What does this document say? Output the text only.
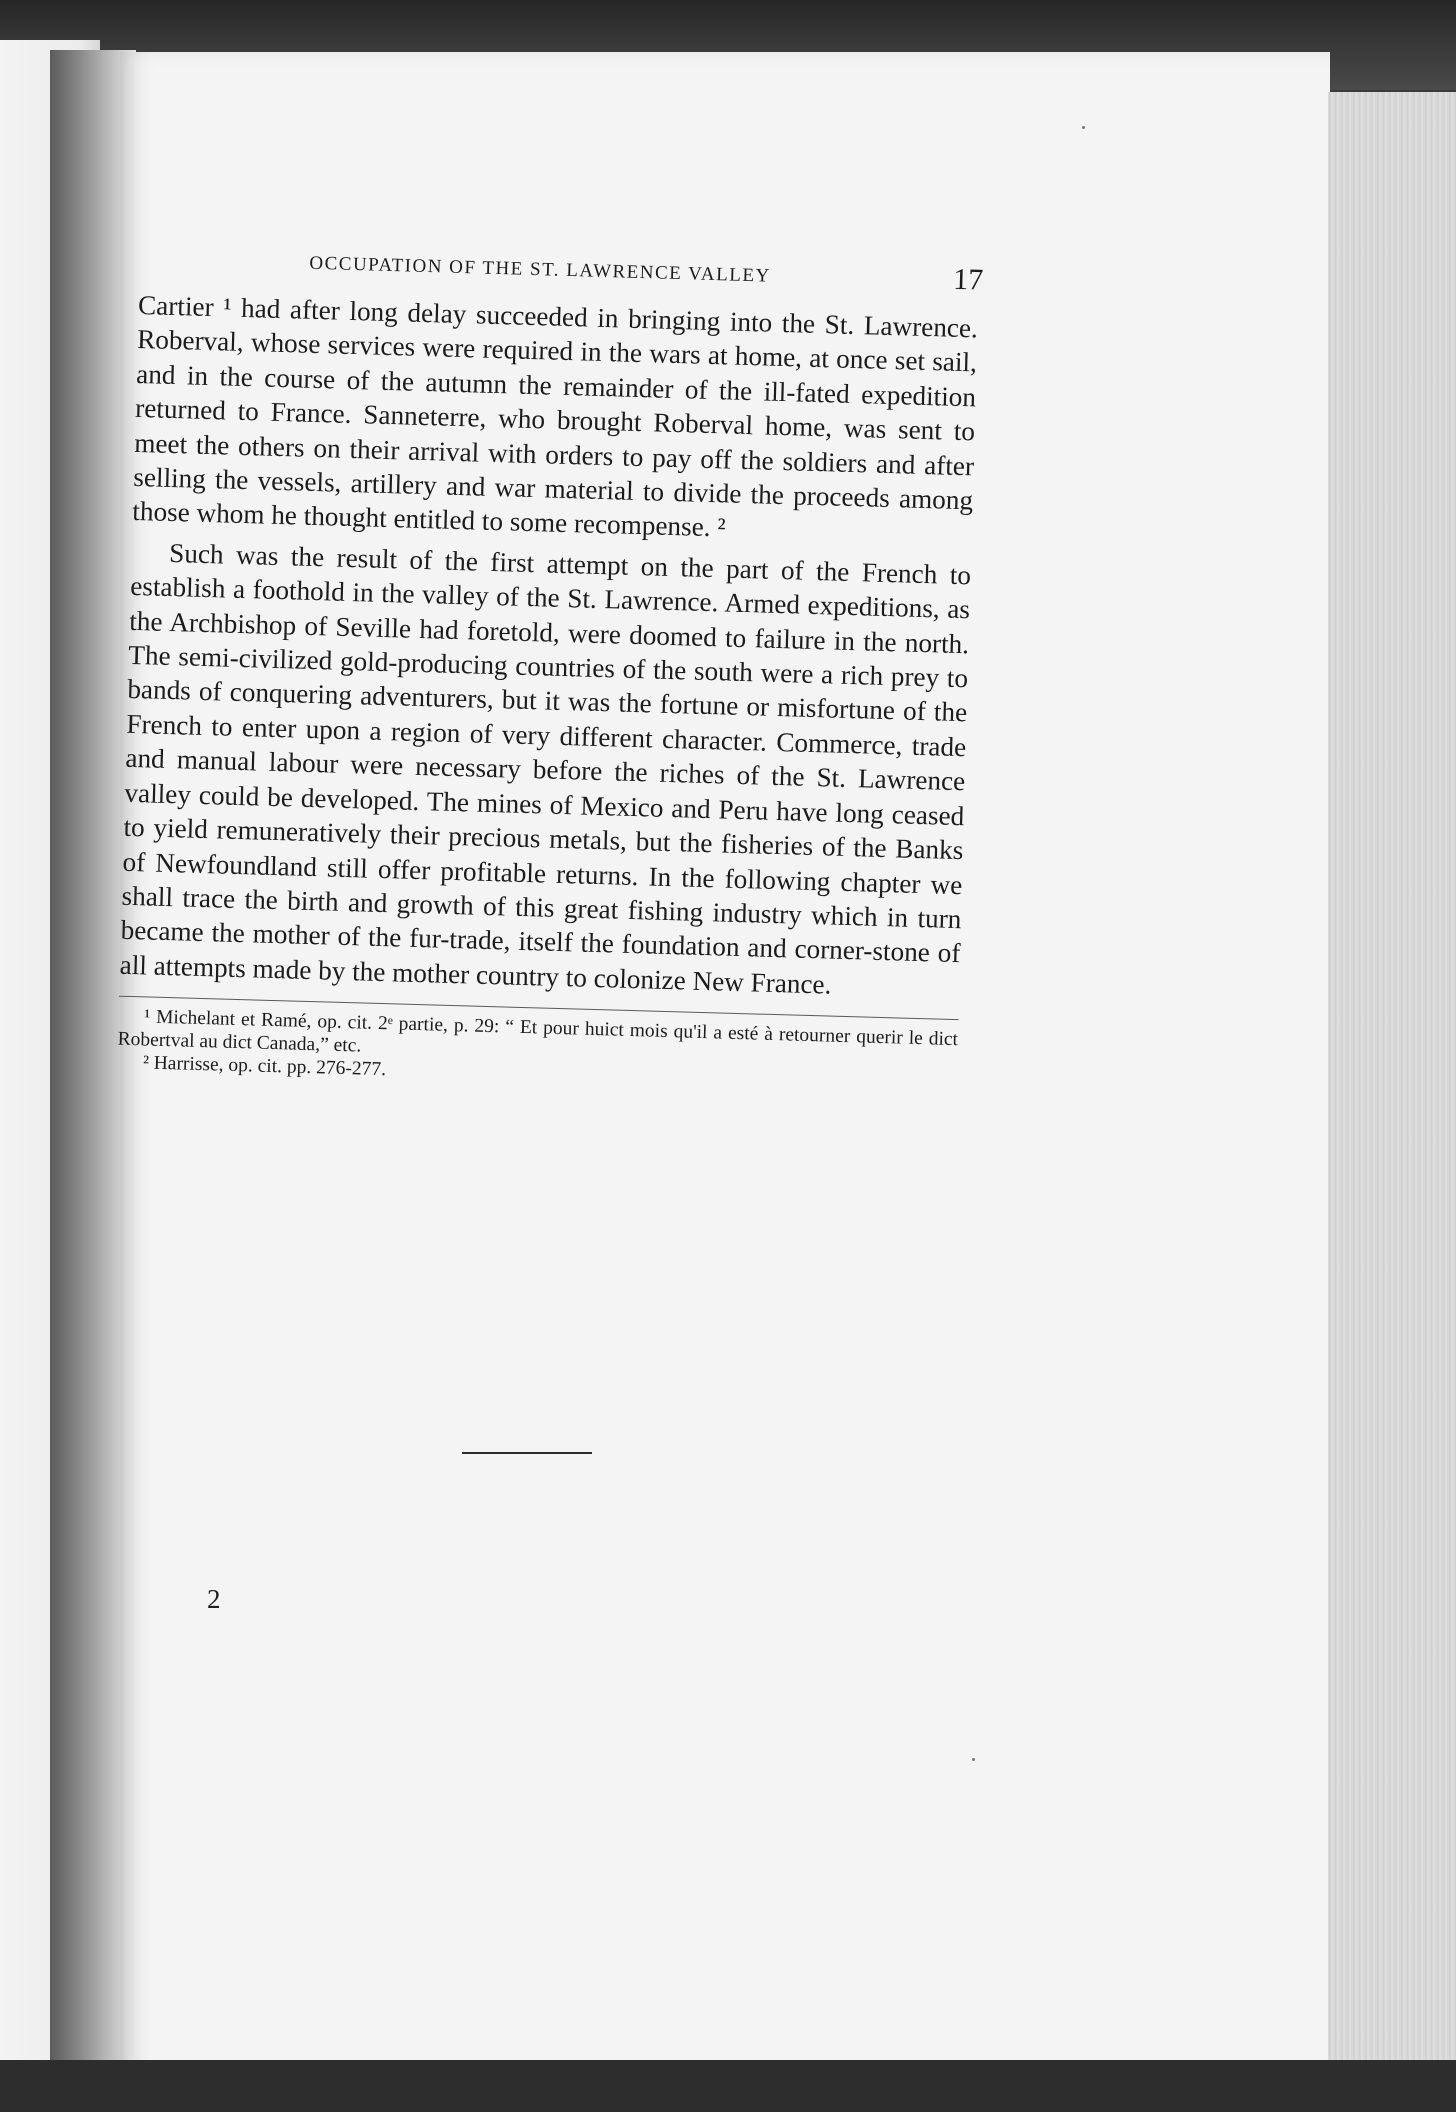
OCCUPATION OF THE ST. LAWRENCE VALLEY	17

Cartier ¹ had after long delay succeeded in bringing into the St. Lawrence. Roberval, whose services were required in the wars at home, at once set sail, and in the course of the autumn the remainder of the ill-fated expedition returned to France. Sanneterre, who brought Roberval home, was sent to meet the others on their arrival with orders to pay off the soldiers and after selling the vessels, artillery and war material to divide the proceeds among those whom he thought entitled to some recompense. ²

Such was the result of the first attempt on the part of the French to establish a foothold in the valley of the St. Lawrence. Armed expeditions, as the Archbishop of Seville had foretold, were doomed to failure in the north. The semi-civilized gold-producing countries of the south were a rich prey to bands of conquering adventurers, but it was the fortune or misfortune of the French to enter upon a region of very different character. Commerce, trade and manual labour were necessary before the riches of the St. Lawrence valley could be developed. The mines of Mexico and Peru have long ceased to yield remuneratively their precious metals, but the fisheries of the Banks of Newfoundland still offer profitable returns. In the following chapter we shall trace the birth and growth of this great fishing industry which in turn became the mother of the fur-trade, itself the foundation and corner-stone of all attempts made by the mother country to colonize New France.

¹ Michelant et Ramé, op. cit. 2ᵉ partie, p. 29: “ Et pour huict mois qu'il a esté à retourner querir le dict Robertval au dict Canada,” etc.

² Harrisse, op. cit. pp. 276-277.

2
